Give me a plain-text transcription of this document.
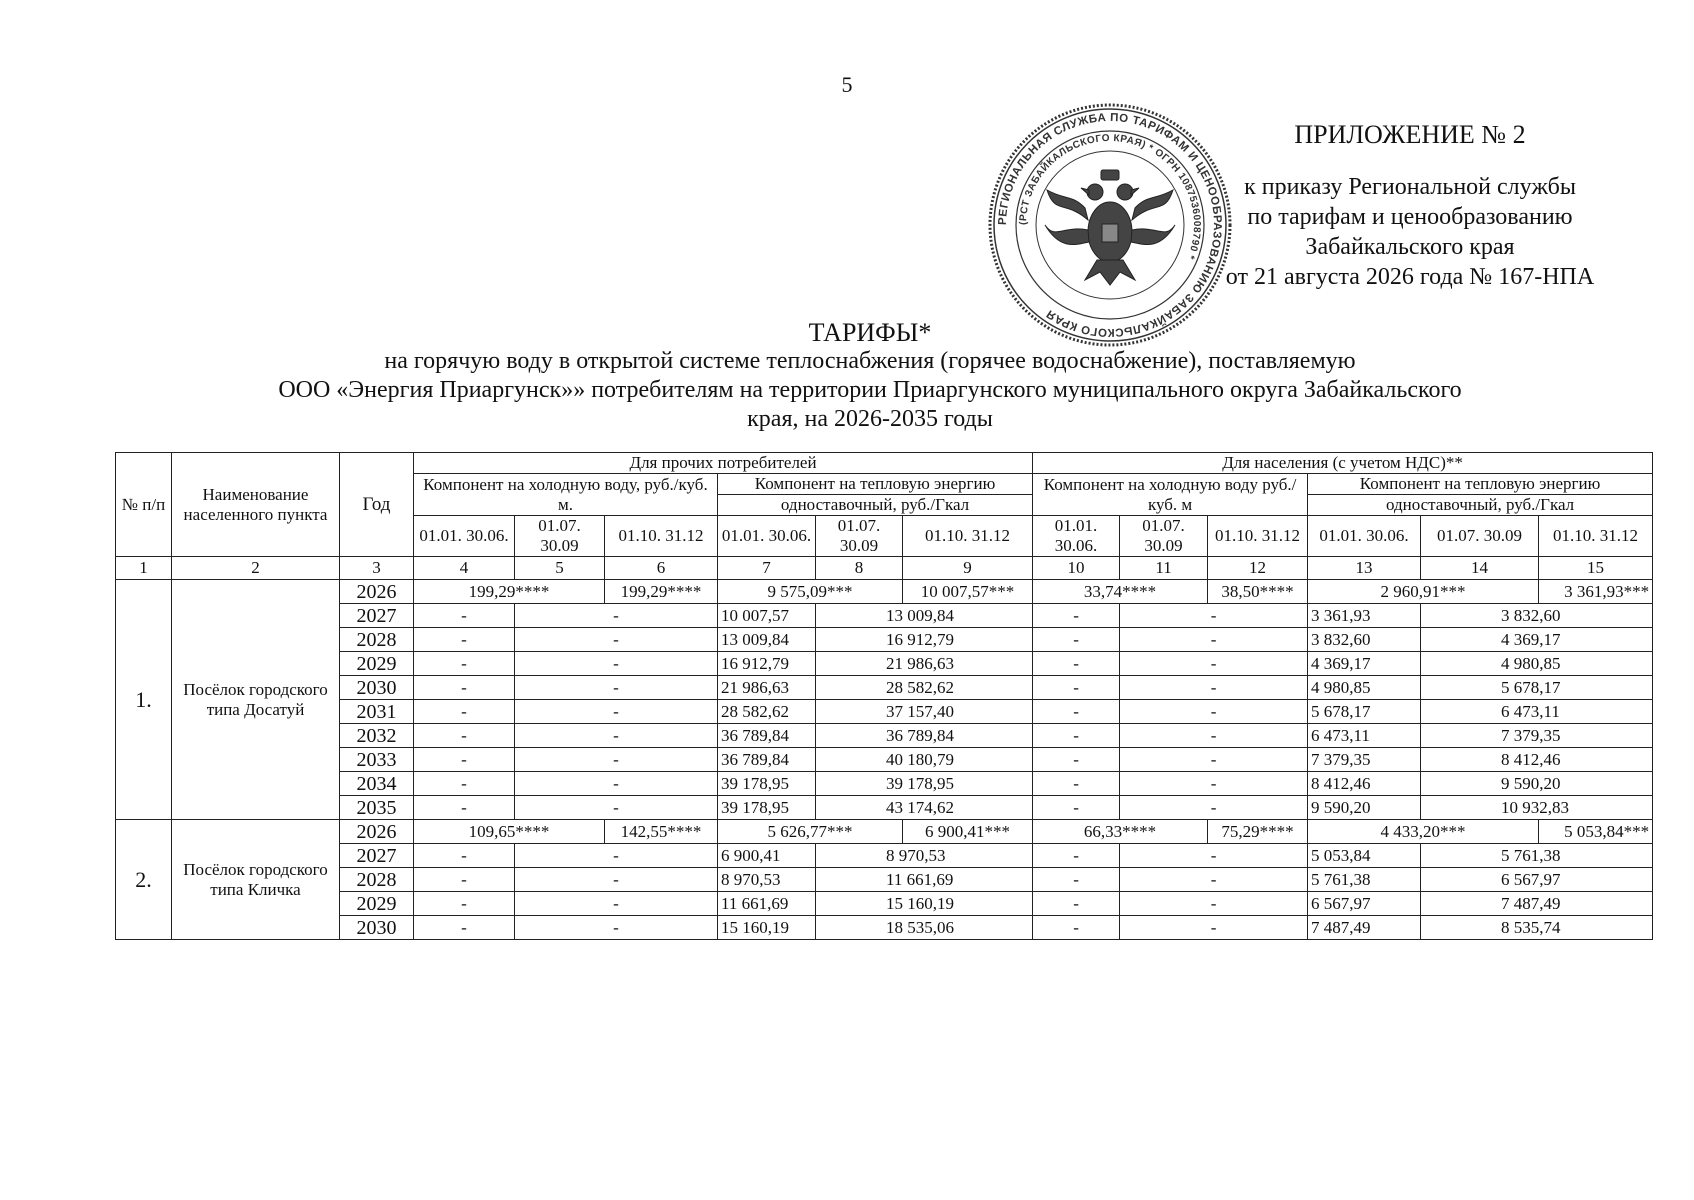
5
РЕГИОНАЛЬНАЯ СЛУЖБА ПО ТАРИФАМ И ЦЕНООБРАЗОВАНИЮ ЗАБАЙКАЛЬСКОГО КРАЯ
(РСТ ЗАБАЙКАЛЬСКОГО КРАЯ) * ОГРН 1087536008790 *
ПРИЛОЖЕНИЕ № 2
к приказу Региональной службы
по тарифам и ценообразованию
Забайкальского края
от 21 августа 2026 года № 167-НПА
ТАРИФЫ*
на горячую воду в открытой системе теплоснабжения (горячее водоснабжение), поставляемую
ООО «Энергия Приаргунск»» потребителям на территории Приаргунского муниципального округа Забайкальского
края, на 2026-2035 годы
№ п/п	Наименование населенного пункта	Год	Для прочих потребителей						Для населения (с учетом НДС)**					
			Компонент на холодную воду, руб./куб. м.			Компонент на тепловую энергию			Компонент на холодную воду руб./куб. м			Компонент на тепловую энергию		
						одноставочный, руб./Гкал						одноставочный, руб./Гкал		
			01.01. 30.06.	01.07. 30.09	01.10. 31.12	01.01. 30.06.	01.07. 30.09	01.10. 31.12	01.01. 30.06.	01.07. 30.09	01.10. 31.12	01.01. 30.06.	01.07. 30.09	01.10. 31.12
1	2	3	4	5	6	7	8	9	10	11	12	13	14	15
1.	Посёлок городского типа Досатуй	2026	199,29****		199,29****	9 575,09***		10 007,57***	33,74****		38,50****	2 960,91***		3 361,93***
		2027	-	-		10 007,57	13 009,84		-	-		3 361,93	3 832,60	
		2028	-	-		13 009,84	16 912,79		-	-		3 832,60	4 369,17	
		2029	-	-		16 912,79	21 986,63		-	-		4 369,17	4 980,85	
		2030	-	-		21 986,63	28 582,62		-	-		4 980,85	5 678,17	
		2031	-	-		28 582,62	37 157,40		-	-		5 678,17	6 473,11	
		2032	-	-		36 789,84	36 789,84		-	-		6 473,11	7 379,35	
		2033	-	-		36 789,84	40 180,79		-	-		7 379,35	8 412,46	
		2034	-	-		39 178,95	39 178,95		-	-		8 412,46	9 590,20	
		2035	-	-		39 178,95	43 174,62		-	-		9 590,20	10 932,83	
2.	Посёлок городского типа Кличка	2026	109,65****		142,55****	5 626,77***		6 900,41***	66,33****		75,29****	4 433,20***		5 053,84***
		2027	-	-		6 900,41	8 970,53		-	-		5 053,84	5 761,38	
		2028	-	-		8 970,53	11 661,69		-	-		5 761,38	6 567,97	
		2029	-	-		11 661,69	15 160,19		-	-		6 567,97	7 487,49	
		2030	-	-		15 160,19	18 535,06		-	-		7 487,49	8 535,74	
